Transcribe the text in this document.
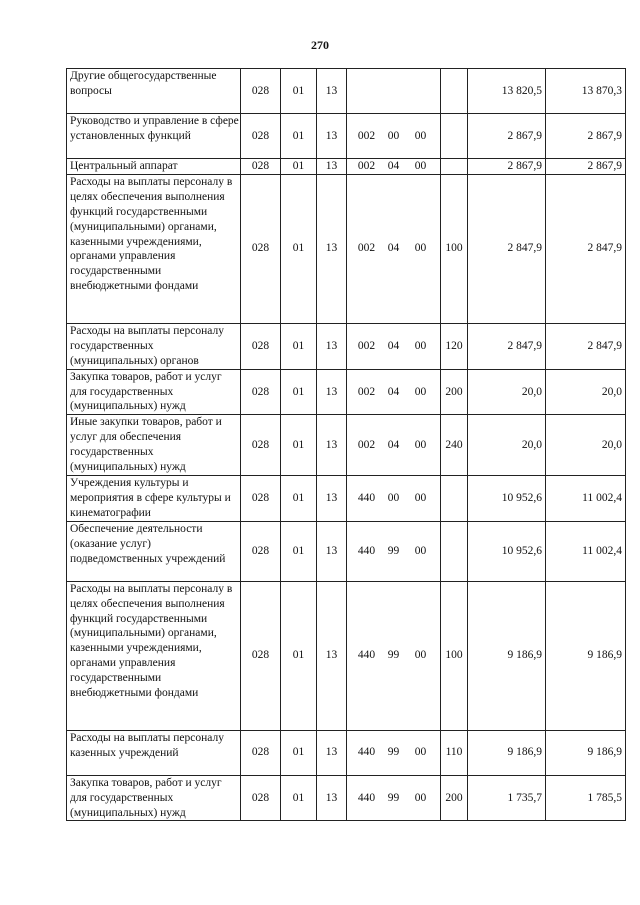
270
Другие общегосударственные вопросы	028	01	13			13 820,5	13 870,3
Руководство и управление в сфере установленных функций	028	01	13	002 00 00		2 867,9	2 867,9
Центральный аппарат	028	01	13	002 04 00		2 867,9	2 867,9
Расходы на выплаты персоналу в целях обеспечения выполнения функций государственными (муниципальными) органами, казенными учреждениями, органами управления государственными внебюджетными фондами	028	01	13	002 04 00	100	2 847,9	2 847,9
Расходы на выплаты персоналу государственных (муниципальных) органов	028	01	13	002 04 00	120	2 847,9	2 847,9
Закупка товаров, работ и услуг для государственных (муниципальных) нужд	028	01	13	002 04 00	200	20,0	20,0
Иные закупки товаров, работ и услуг для обеспечения государственных (муниципальных) нужд	028	01	13	002 04 00	240	20,0	20,0
Учреждения культуры и мероприятия в сфере культуры и кинематографии	028	01	13	440 00 00		10 952,6	11 002,4
Обеспечение деятельности (оказание услуг) подведомственных учреждений	028	01	13	440 99 00		10 952,6	11 002,4
Расходы на выплаты персоналу в целях обеспечения выполнения функций государственными (муниципальными) органами, казенными учреждениями, органами управления государственными внебюджетными фондами	028	01	13	440 99 00	100	9 186,9	9 186,9
Расходы на выплаты персоналу казенных учреждений	028	01	13	440 99 00	110	9 186,9	9 186,9
Закупка товаров, работ и услуг для государственных (муниципальных) нужд	028	01	13	440 99 00	200	1 735,7	1 785,5
